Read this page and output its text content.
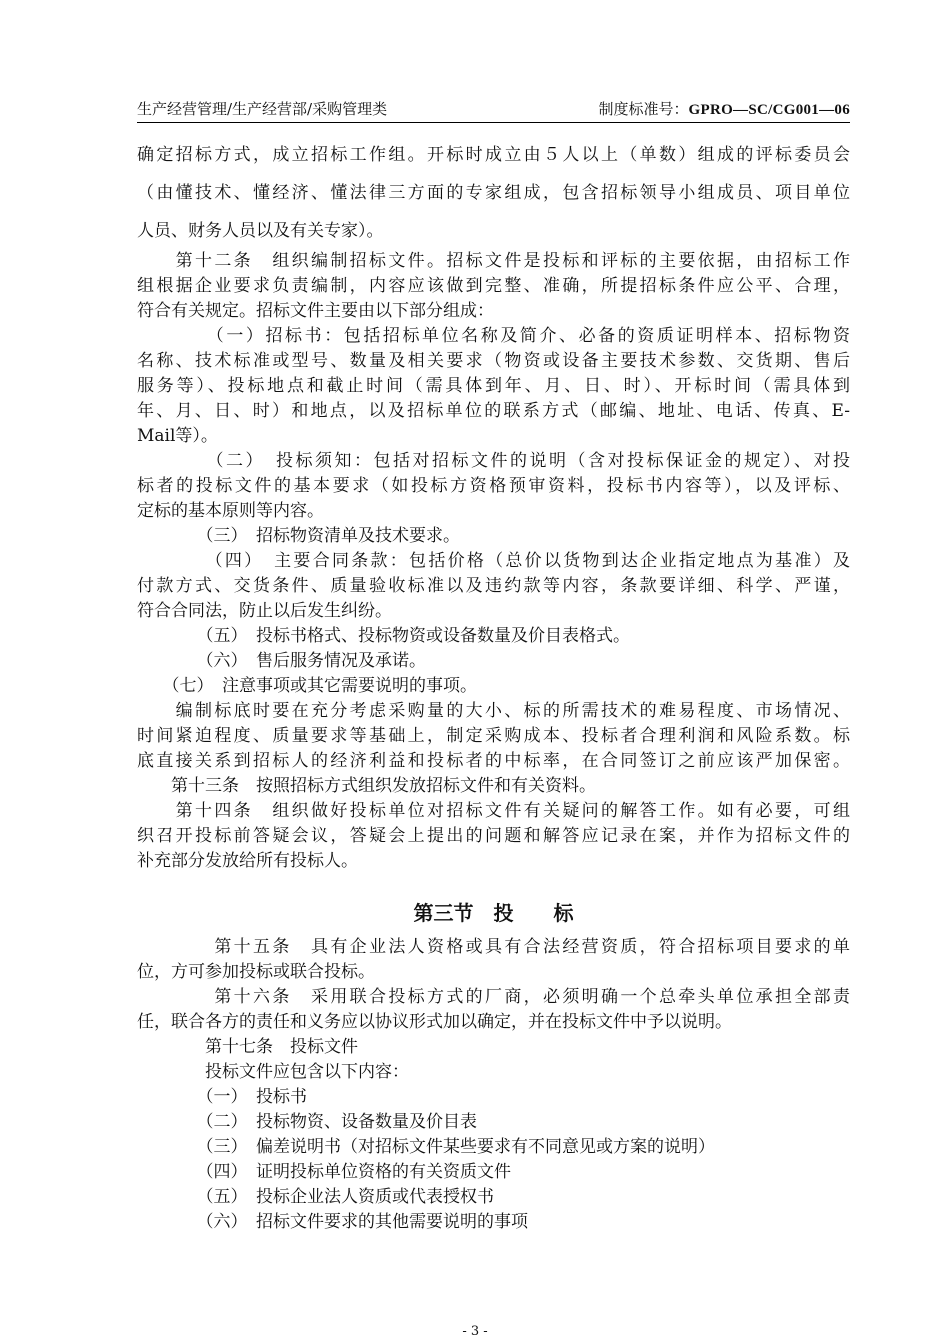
生产经营管理/生产经营部/采购管理类	制度标准号：GPRO—SC/CG001—06
确定招标方式，成立招标工作组。开标时成立由５人以上（单数）组成的评标委员会
（由懂技术、懂经济、懂法律三方面的专家组成，包含招标领导小组成员、项目单位
人员、财务人员以及有关专家）。
　　第十二条　组织编制招标文件。招标文件是投标和评标的主要依据，由招标工作
组根据企业要求负责编制，内容应该做到完整、准确，所提招标条件应公平、合理，
符合有关规定。招标文件主要由以下部分组成：
　　　　（一）招标书：包括招标单位名称及简介、必备的资质证明样本、招标物资
名称、技术标准或型号、数量及相关要求（物资或设备主要技术参数、交货期、售后
服务等）、投标地点和截止时间（需具体到年、月、日、时）、开标时间（需具体到
年、月、日、时）和地点，以及招标单位的联系方式（邮编、地址、电话、传真、E-
Mail等）。
　　　　（二）　投标须知：包括对招标文件的说明（含对投标保证金的规定）、对投
标者的投标文件的基本要求（如投标方资格预审资料，投标书内容等），以及评标、
定标的基本原则等内容。
　　　　（三）　招标物资清单及技术要求。
　　　　（四）　主要合同条款：包括价格（总价以货物到达企业指定地点为基准）及
付款方式、交货条件、质量验收标准以及违约款等内容，条款要详细、科学、严谨，
符合合同法，防止以后发生纠纷。
　　　　（五）　投标书格式、投标物资或设备数量及价目表格式。
　　　　（六）　售后服务情况及承诺。
　　（七）　注意事项或其它需要说明的事项。
　　编制标底时要在充分考虑采购量的大小、标的所需技术的难易程度、市场情况、
时间紧迫程度、质量要求等基础上，制定采购成本、投标者合理利润和风险系数。标
底直接关系到招标人的经济利益和投标者的中标率，在合同签订之前应该严加保密。
　　第十三条　按照招标方式组织发放招标文件和有关资料。
　　第十四条　组织做好投标单位对招标文件有关疑问的解答工作。如有必要，可组
织召开投标前答疑会议，答疑会上提出的问题和解答应记录在案，并作为招标文件的
补充部分发放给所有投标人。
第三节　投　　标
　　　　第十五条　具有企业法人资格或具有合法经营资质，符合招标项目要求的单
位，方可参加投标或联合投标。
　　　　第十六条　采用联合投标方式的厂商，必须明确一个总牵头单位承担全部责
任，联合各方的责任和义务应以协议形式加以确定，并在投标文件中予以说明。
　　　　第十七条　投标文件
　　　　投标文件应包含以下内容：
　　　　（一）　投标书
　　　　（二）　投标物资、设备数量及价目表
　　　　（三）　偏差说明书（对招标文件某些要求有不同意见或方案的说明）
　　　　（四）　证明投标单位资格的有关资质文件
　　　　（五）　投标企业法人资质或代表授权书
　　　　（六）　招标文件要求的其他需要说明的事项
- 3 -
